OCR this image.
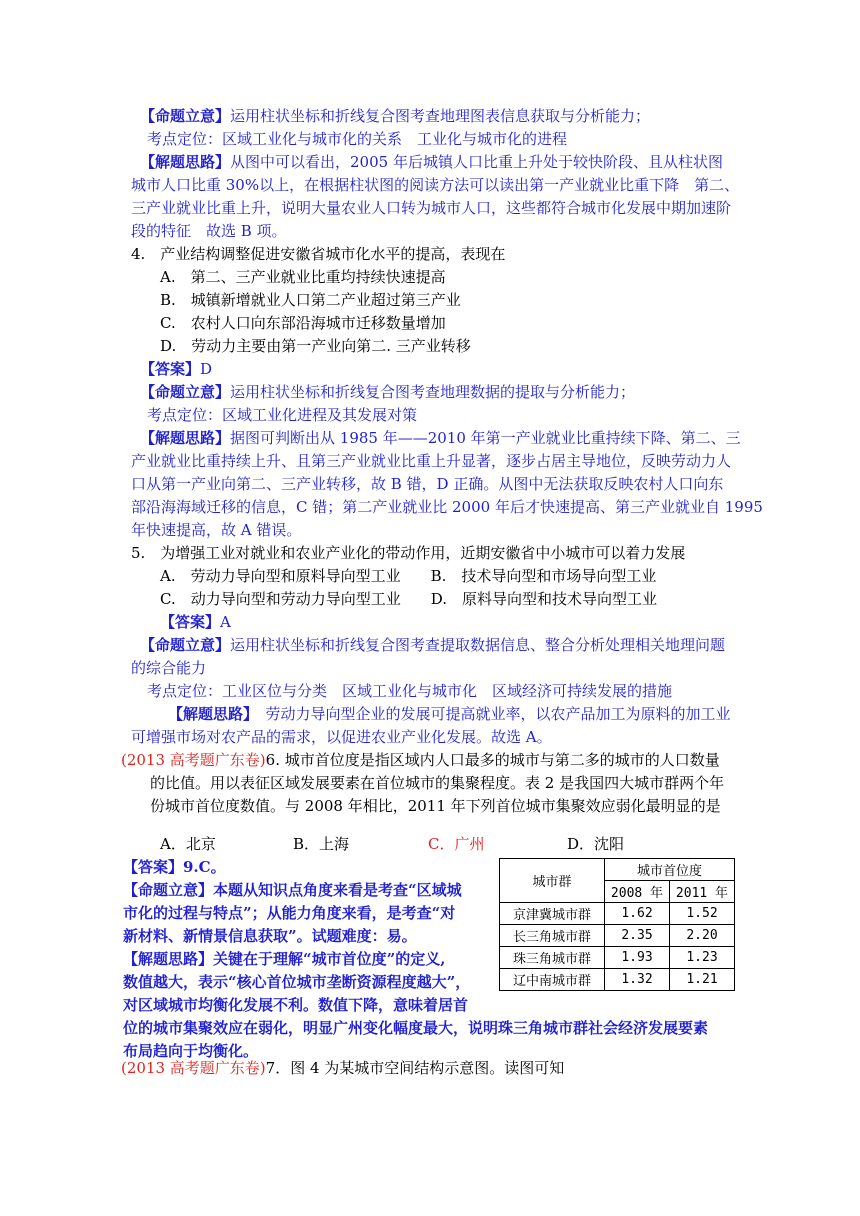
【命题立意】运用柱状坐标和折线复合图考查地理图表信息获取与分析能力；
考点定位：区域工业化与城市化的关系　工业化与城市化的进程
【解题思路】从图中可以看出，2005 年后城镇人口比重上升处于较快阶段、且从柱状图
城市人口比重 30%以上，在根据柱状图的阅读方法可以读出第一产业就业比重下降　第二、
三产业就业比重上升，说明大量农业人口转为城市人口，这些都符合城市化发展中期加速阶
段的特征　故选 B 项。
4.　产业结构调整促进安徽省城市化水平的提高，表现在
A.　第二、三产业就业比重均持续快速提高
B.　城镇新增就业人口第二产业超过第三产业
C.　农村人口向东部沿海城市迁移数量增加
D.　劳动力主要由第一产业向第二. 三产业转移
【答案】D
【命题立意】运用柱状坐标和折线复合图考查地理数据的提取与分析能力；
考点定位：区域工业化进程及其发展对策
【解题思路】据图可判断出从 1985 年——2010 年第一产业就业比重持续下降、第二、三
产业就业比重持续上升、且第三产业就业比重上升显著，逐步占居主导地位，反映劳动力人
口从第一产业向第二、三产业转移，故 B 错，D 正确。从图中无法获取反映农村人口向东
部沿海海域迁移的信息，C 错；第二产业就业比 2000 年后才快速提高、第三产业就业自 1995
年快速提高，故 A 错误。
5.　为增强工业对就业和农业产业化的带动作用，近期安徽省中小城市可以着力发展
A.　劳动力导向型和原料导向型工业　　B.　技术导向型和市场导向型工业
C.　动力导向型和劳动力导向型工业　　D.　原料导向型和技术导向型工业
【答案】A
【命题立意】运用柱状坐标和折线复合图考查提取数据信息、整合分析处理相关地理问题
的综合能力
考点定位：工业区位与分类　区域工业化与城市化　区域经济可持续发展的措施
【解题思路】　劳动力导向型企业的发展可提高就业率，以农产品加工为原料的加工业
可增强市场对农产品的需求，以促进农业产业化发展。故选 A。
(2013 高考题广东卷)6. 城市首位度是指区域内人口最多的城市与第二多的城市的人口数量
的比值。用以表征区域发展要素在首位城市的集聚程度。表 2 是我国四大城市群两个年
份城市首位度数值。与 2008 年相比，2011 年下列首位城市集聚效应弱化最明显的是
A．北京	B．上海	C．广州	D．沈阳
【答案】9.C。
【命题立意】本题从知识点角度来看是考查“区域城
市化的过程与特点”；从能力角度来看，是考查“对
新材料、新情景信息获取”。试题难度：易。
【解题思路】关键在于理解“城市首位度”的定义,
数值越大，表示“核心首位城市垄断资源程度越大”，
对区域城市均衡化发展不利。数值下降，意味着居首
位的城市集聚效应在弱化，明显广州变化幅度最大，说明珠三角城市群社会经济发展要素
布局趋向于均衡化。
城市群	城市首位度	
	2008 年	2011 年
京津冀城市群	1.62	1.52
长三角城市群	2.35	2.20
珠三角城市群	1.93	1.23
辽中南城市群	1.32	1.21
(2013 高考题广东卷)7．图 4 为某城市空间结构示意图。读图可知
